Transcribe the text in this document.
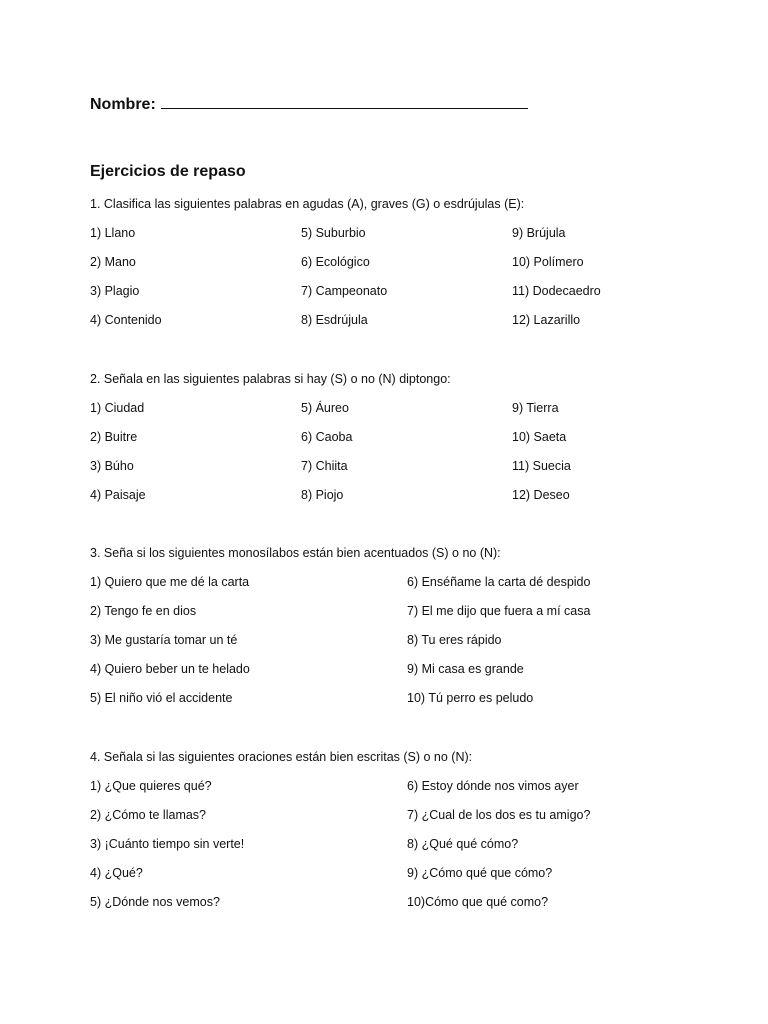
Nombre:
Ejercicios de repaso
1. Clasifica las siguientes palabras en agudas (A), graves (G) o esdrújulas (E):
1) Llano	5) Suburbio	9) Brújula
2) Mano	6) Ecológico	10) Polímero
3) Plagio	7) Campeonato	11) Dodecaedro
4) Contenido	8) Esdrújula	12) Lazarillo
2. Señala en las siguientes palabras si hay (S) o no (N) diptongo:
1) Ciudad	5) Áureo	9) Tierra
2) Buitre	6) Caoba	10) Saeta
3) Búho	7) Chiita	11) Suecia
4) Paisaje	8) Piojo	12) Deseo
3. Seña si los siguientes monosílabos están bien acentuados (S) o no (N):
1) Quiero que me dé la carta	6) Enséñame la carta dé despido
2) Tengo fe en dios	7) El me dijo que fuera a mí casa
3) Me gustaría tomar un té	8) Tu eres rápido
4) Quiero beber un te helado	9) Mi casa es grande
5) El niño vió el accidente	10) Tú perro es peludo
4. Señala si las siguientes oraciones están bien escritas (S) o no (N):
1) ¿Que quieres qué?	6) Estoy dónde nos vimos ayer
2) ¿Cómo te llamas?	7) ¿Cual de los dos es tu amigo?
3) ¡Cuánto tiempo sin verte!	8) ¿Qué qué cómo?
4) ¿Qué?	9) ¿Cómo qué que cómo?
5) ¿Dónde nos vemos?	10)Cómo que qué como?
